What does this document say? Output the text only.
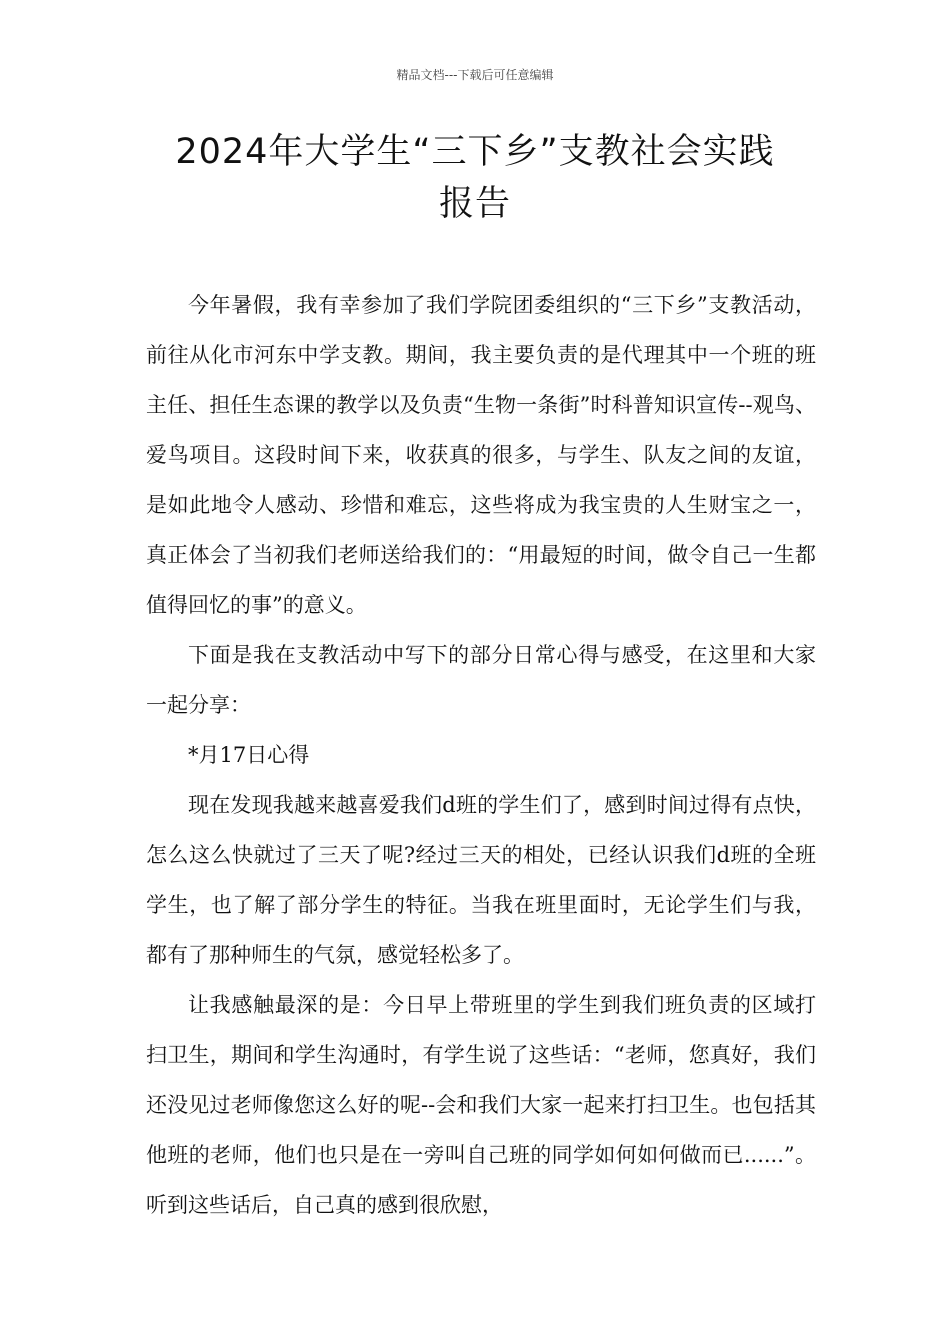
精品文档---下载后可任意编辑
2024年大学生“三下乡”支教社会实践
报告

今年暑假，我有幸参加了我们学院团委组织的“三下乡”支教活动，前往从化市河东中学支教。期间，我主要负责的是代理其中一个班的班主任、担任生态课的教学以及负责“生物一条街”时科普知识宣传--观鸟、爱鸟项目。这段时间下来，收获真的很多，与学生、队友之间的友谊，是如此地令人感动、珍惜和难忘，这些将成为我宝贵的人生财宝之一，真正体会了当初我们老师送给我们的：“用最短的时间，做令自己一生都值得回忆的事”的意义。

下面是我在支教活动中写下的部分日常心得与感受，在这里和大家一起分享：

*月17日心得

现在发现我越来越喜爱我们d班的学生们了，感到时间过得有点快，怎么这么快就过了三天了呢?经过三天的相处，已经认识我们d班的全班学生，也了解了部分学生的特征。当我在班里面时，无论学生们与我，都有了那种师生的气氛，感觉轻松多了。

让我感触最深的是：今日早上带班里的学生到我们班负责的区域打扫卫生，期间和学生沟通时，有学生说了这些话：“老师，您真好，我们还没见过老师像您这么好的呢--会和我们大家一起来打扫卫生。也包括其他班的老师，他们也只是在一旁叫自己班的同学如何如何做而已......”。听到这些话后，自己真的感到很欣慰，
